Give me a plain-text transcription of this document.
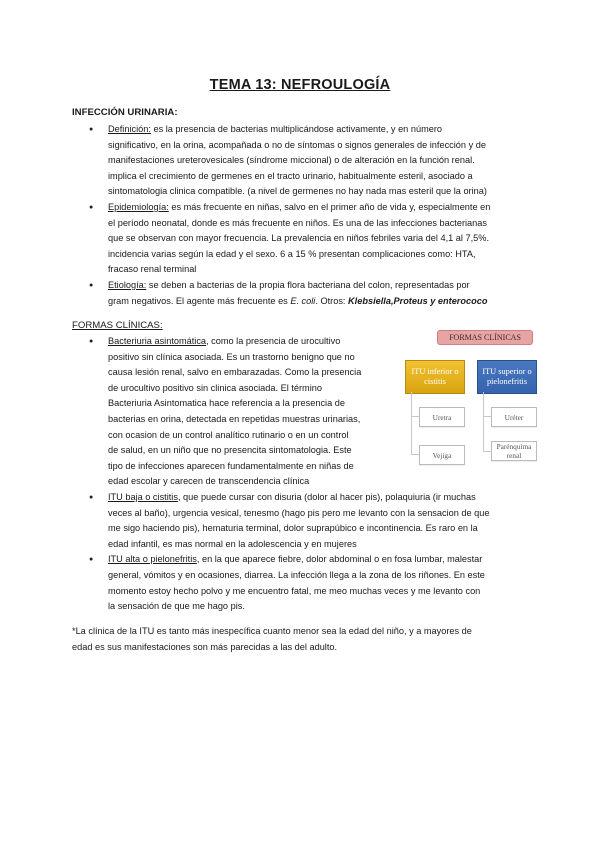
TEMA 13: NEFROULOGÍA
INFECCIÓN URINARIA:
● Definición: es la presencia de bacterias multiplicándose activamente, y en número
significativo, en la orina, acompañada o no de síntomas o signos generales de infección y de
manifestaciones ureterovesicales (síndrome miccional) o de alteración en la función renal.
implica el crecimiento de germenes en el tracto urinario, habitualmente esteril, asociado a
sintomatologia clinica compatible. (a nivel de germenes no hay nada mas esteril que la orina)
● Epidemiología: es más frecuente en niñas, salvo en el primer año de vida y, especialmente en
el período neonatal, donde es más frecuente en niños. Es una de las infecciones bacterianas
que se observan con mayor frecuencia. La prevalencia en niños febriles varia del 4,1 al 7,5%.
incidencia varias según la edad y el sexo. 6 a 15 % presentan complicaciones como: HTA,
fracaso renal terminal
● Etiología: se deben a bacterias de la propia flora bacteriana del colon, representadas por
gram negativos. El agente más frecuente es E. coli. Otros: Klebsiella,Proteus y enterococo
FORMAS CLÍNICAS:
● Bacteriuria asintomática, como la presencia de urocultivo
positivo sin clínica asociada. Es un trastorno benigno que no
causa lesión renal, salvo en embarazadas. Como la presencia
de urocultivo positivo sin clinica asociada. El término
Bacteriuria Asintomatica hace referencia a la presencia de
bacterias en orina, detectada en repetidas muestras urinarias,
con ocasion de un control analítico rutinario o en un control
de salud, en un niño que no presencita sintomatologia. Este
tipo de infecciones aparecen fundamentalmente en niñas de
edad escolar y carecen de transcendencia clínica
● ITU baja o cistitis, que puede cursar con disuria (dolor al hacer pis), polaquiuria (ir muchas
veces al baño), urgencia vesical, tenesmo (hago pis pero me levanto con la sensacion de que
me sigo haciendo pis), hematuria terminal, dolor suprapúbico e incontinencia. Es raro en la
edad infantil, es mas normal en la adolescencia y en mujeres
● ITU alta o pielonefritis, en la que aparece fiebre, dolor abdominal o en fosa lumbar, malestar
general, vómitos y en ocasiones, diarrea. La infección llega a la zona de los riñones. En este
momento estoy hecho polvo y me encuentro fatal, me meo muchas veces y me levanto con
la sensación de que me hago pis.
FORMAS CLÍNICAS
ITU inferior o cistitis
ITU superior o pielonefritis
Uretra
Vejiga
Uréter
Parénquima renal
*La clínica de la ITU es tanto más inespecífica cuanto menor sea la edad del niño, y a mayores de
edad es sus manifestaciones son más parecidas a las del adulto.
